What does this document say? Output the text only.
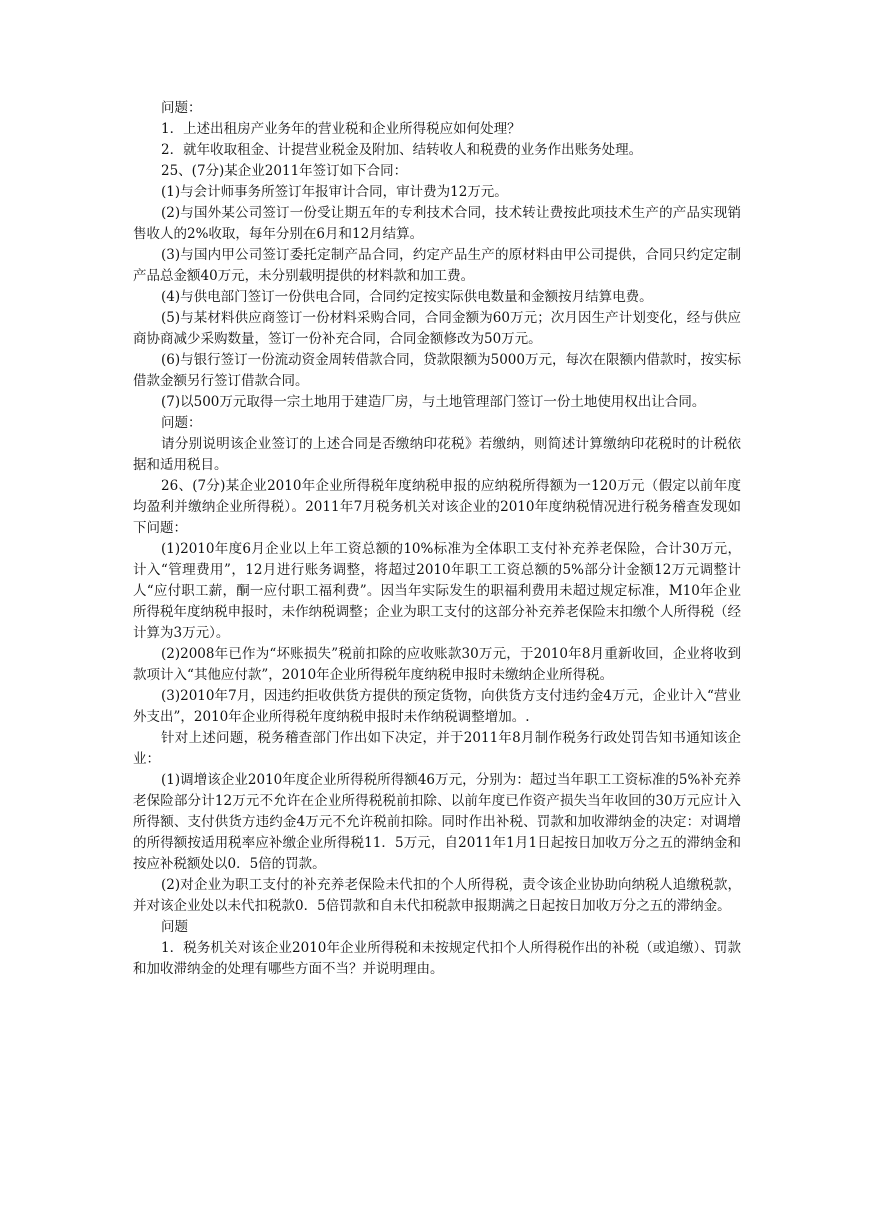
问题：

1．上述出租房产业务年的营业税和企业所得税应如何处理？

2．就年收取租金、计提营业税金及附加、结转收人和税费的业务作出账务处理。

25、(7分)某企业2011年签订如下合同：

(1)与会计师事务所签订年报审计合同，审计费为12万元。

(2)与国外某公司签订一份受让期五年的专利技术合同，技术转让费按此项技术生产的产品实现销售收人的2%收取，每年分别在6月和12月结算。

(3)与国内甲公司签订委托定制产品合同，约定产品生产的原材料由甲公司提供，合同只约定定制产品总金额40万元，未分别载明提供的材料款和加工费。

(4)与供电部门签订一份供电合同，合同约定按实际供电数量和金额按月结算电费。

(5)与某材料供应商签订一份材料采购合同，合同金额为60万元；次月因生产计划变化，经与供应商协商减少采购数量，签订一份补充合同，合同金额修改为50万元。

(6)与银行签订一份流动资金周转借款合同，贷款限额为5000万元，每次在限额内借款时，按实标借款金额另行签订借款合同。

(7)以500万元取得一宗土地用于建造厂房，与土地管理部门签订一份土地使用权出让合同。

问题：

请分别说明该企业签订的上述合同是否缴纳印花税》若缴纳，则简述计算缴纳印花税时的计税依据和适用税目。

26、(7分)某企业2010年企业所得税年度纳税申报的应纳税所得额为一120万元（假定以前年度均盈利并缴纳企业所得税）。2011年7月税务机关对该企业的2010年度纳税情况进行税务稽查发现如下问题：

(1)2010年度6月企业以上年工资总额的10%标准为全体职工支付补充养老保险，合计30万元，计入“管理费用”，12月进行账务调整，将超过2010年职工工资总额的5%部分计金额12万元调整计人“应付职工薪，酮一应付职工福利费”。因当年实际发生的职福利费用未超过规定标准，M10年企业所得税年度纳税申报时，未作纳税调整；企业为职工支付的这部分补充养老保险末扣缴个人所得税（经计算为3万元）。

(2)2008年已作为“坏账损失”税前扣除的应收账款30万元，于2010年8月重新收回，企业将收到款项计入“其他应付款”，2010年企业所得税年度纳税申报时未缴纳企业所得税。

(3)2010年7月，因违约拒收供货方提供的预定货物，向供货方支付违约金4万元，企业计入“营业外支出”，2010年企业所得税年度纳税申报时未作纳税调整增加。.

针对上述问题，税务稽查部门作出如下决定，并于2011年8月制作税务行政处罚告知书通知该企业：

(1)调增该企业2010年度企业所得税所得额46万元，分别为：超过当年职工工资标准的5%补充养老保险部分计12万元不允许在企业所得税税前扣除、以前年度已作资产损失当年收回的30万元应计入所得额、支付供货方违约金4万元不允许税前扣除。同时作出补税、罚款和加收滞纳金的决定：对调增的所得额按适用税率应补缴企业所得税11．5万元，自2011年1月1日起按日加收万分之五的滞纳金和按应补税额处以0．5倍的罚款。

(2)对企业为职工支付的补充养老保险未代扣的个人所得税，责令该企业协助向纳税人追缴税款，并对该企业处以未代扣税款0．5倍罚款和自未代扣税款申报期满之日起按日加收万分之五的滞纳金。

问题

1．税务机关对该企业2010年企业所得税和未按规定代扣个人所得税作出的补税（或追缴）、罚款和加收滞纳金的处理有哪些方面不当？并说明理由。
